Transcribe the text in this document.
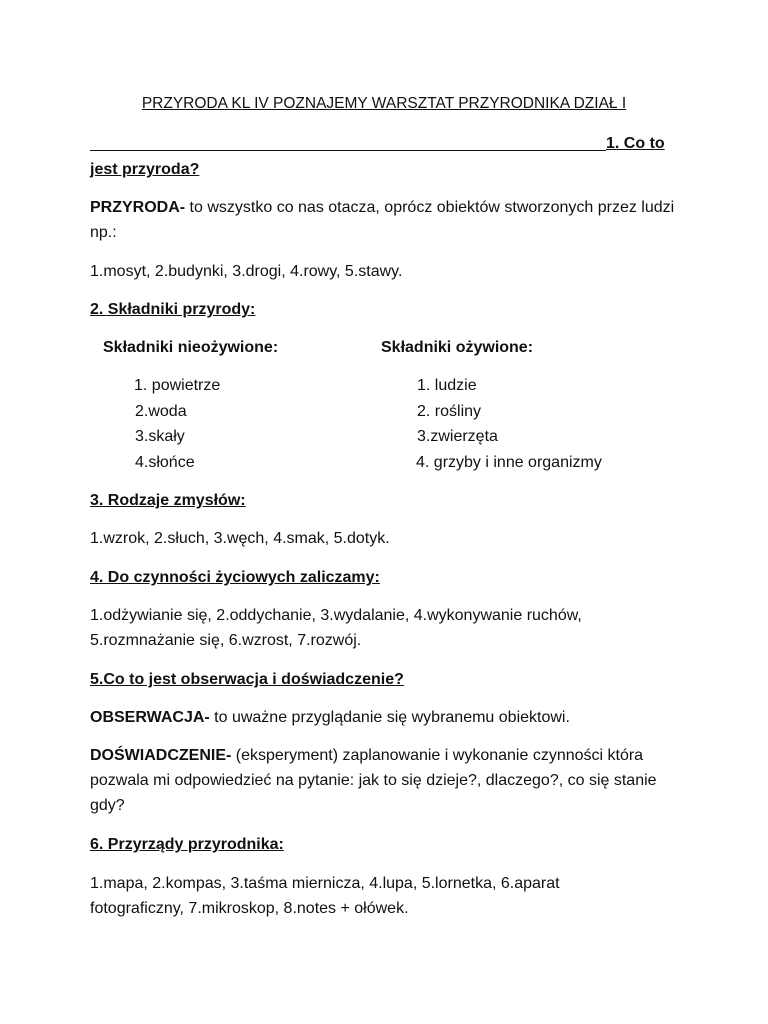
PRZYRODA KL IV POZNAJEMY WARSZTAT PRZYRODNIKA DZIAŁ I
1. Co to
jest przyroda?
PRZYRODA- to wszystko co nas otacza, oprócz obiektów stworzonych przez ludzi
np.:
1.mosyt, 2.budynki, 3.drogi, 4.rowy, 5.stawy.
2. Składniki przyrody:
Składniki nieożywione:	Składniki ożywione:
1. powietrze
2.woda
3.skały
4.słońce
1. ludzie
2. rośliny
3.zwierzęta
4. grzyby i inne organizmy
3. Rodzaje zmysłów:
1.wzrok, 2.słuch, 3.węch, 4.smak, 5.dotyk.
4. Do czynności życiowych zaliczamy:
1.odżywianie się, 2.oddychanie, 3.wydalanie, 4.wykonywanie ruchów,
5.rozmnażanie się, 6.wzrost, 7.rozwój.
5.Co to jest obserwacja i doświadczenie?
OBSERWACJA- to uważne przyglądanie się wybranemu obiektowi.
DOŚWIADCZENIE- (eksperyment) zaplanowanie i wykonanie czynności która
pozwala mi odpowiedzieć na pytanie: jak to się dzieje?, dlaczego?, co się stanie
gdy?
6. Przyrządy przyrodnika:
1.mapa, 2.kompas, 3.taśma miernicza, 4.lupa, 5.lornetka, 6.aparat
fotograficzny, 7.mikroskop, 8.notes + ołówek.
